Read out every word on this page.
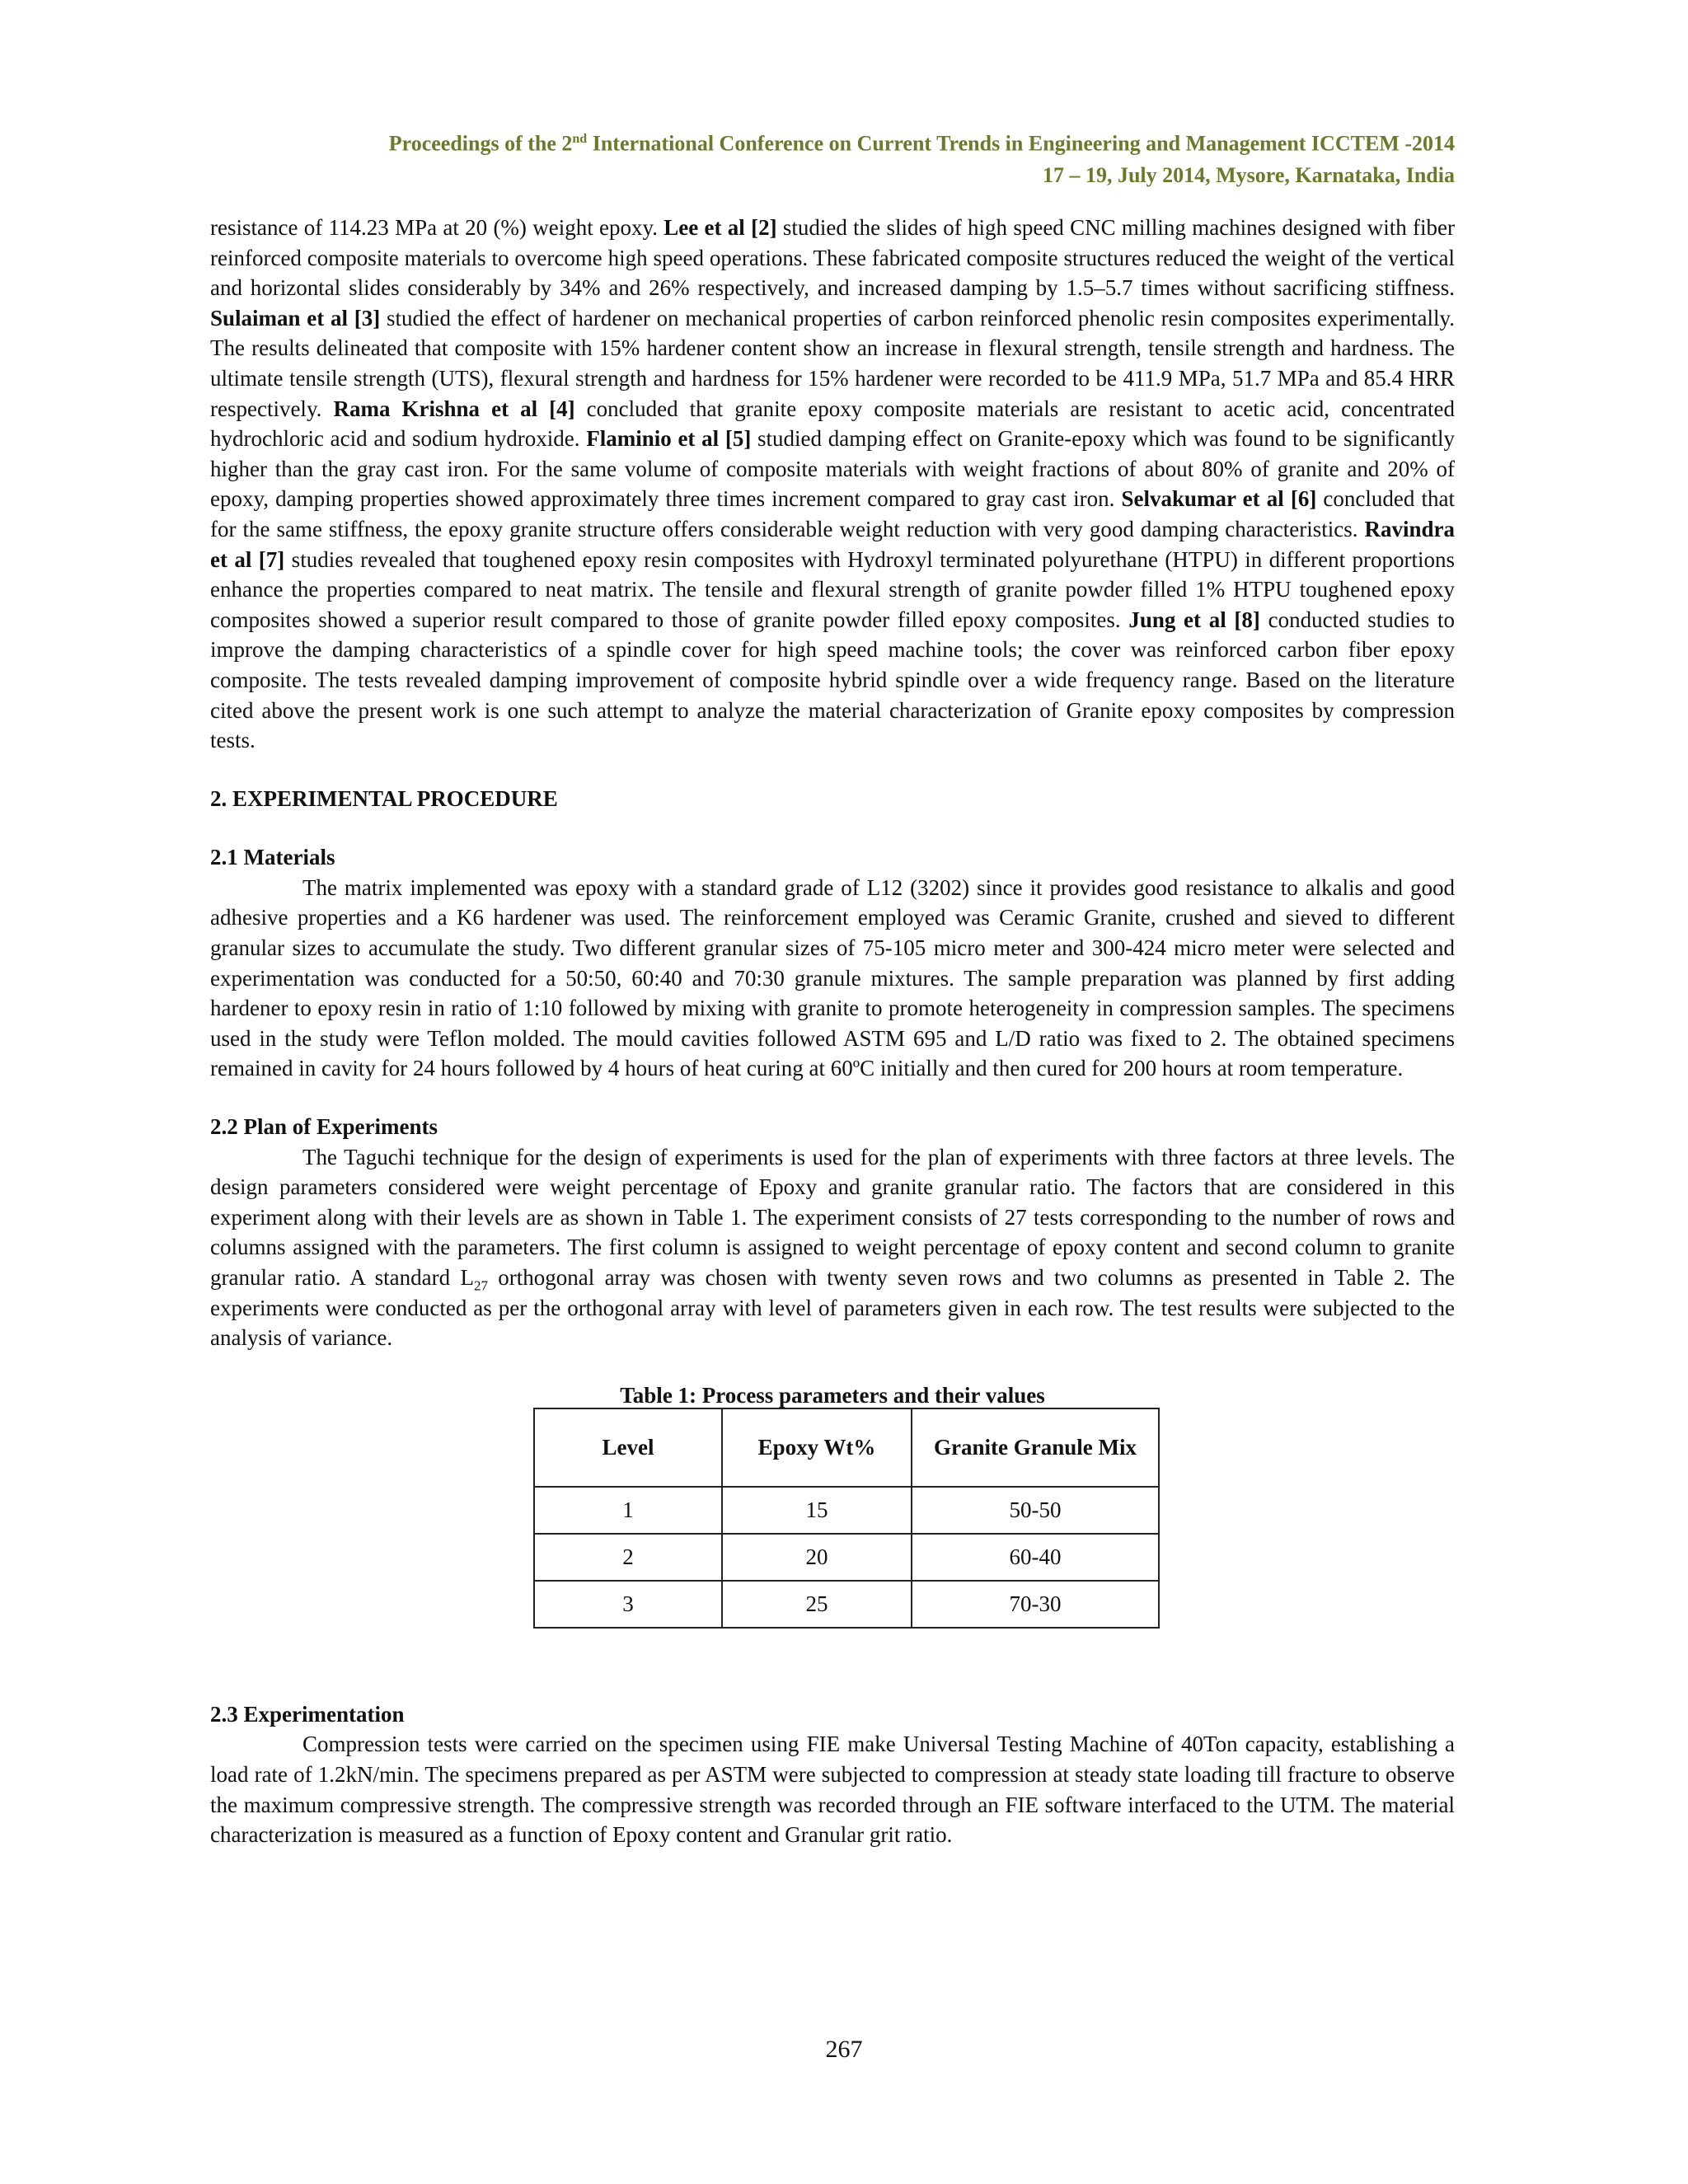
Proceedings of the 2nd International Conference on Current Trends in Engineering and Management ICCTEM -2014
17 – 19, July 2014, Mysore, Karnataka, India

resistance of 114.23 MPa at 20 (%) weight epoxy. Lee et al [2] studied the slides of high speed CNC milling machines designed with fiber reinforced composite materials to overcome high speed operations. These fabricated composite structures reduced the weight of the vertical and horizontal slides considerably by 34% and 26% respectively, and increased damping by 1.5–5.7 times without sacrificing stiffness. Sulaiman et al [3] studied the effect of hardener on mechanical properties of carbon reinforced phenolic resin composites experimentally. The results delineated that composite with 15% hardener content show an increase in flexural strength, tensile strength and hardness. The ultimate tensile strength (UTS), flexural strength and hardness for 15% hardener were recorded to be 411.9 MPa, 51.7 MPa and 85.4 HRR respectively. Rama Krishna et al [4] concluded that granite epoxy composite materials are resistant to acetic acid, concentrated hydrochloric acid and sodium hydroxide. Flaminio et al [5] studied damping effect on Granite-epoxy which was found to be significantly higher than the gray cast iron. For the same volume of composite materials with weight fractions of about 80% of granite and 20% of epoxy, damping properties showed approximately three times increment compared to gray cast iron. Selvakumar et al [6] concluded that for the same stiffness, the epoxy granite structure offers considerable weight reduction with very good damping characteristics. Ravindra et al [7] studies revealed that toughened epoxy resin composites with Hydroxyl terminated polyurethane (HTPU) in different proportions enhance the properties compared to neat matrix. The tensile and flexural strength of granite powder filled 1% HTPU toughened epoxy composites showed a superior result compared to those of granite powder filled epoxy composites. Jung et al [8] conducted studies to improve the damping characteristics of a spindle cover for high speed machine tools; the cover was reinforced carbon fiber epoxy composite. The tests revealed damping improvement of composite hybrid spindle over a wide frequency range. Based on the literature cited above the present work is one such attempt to analyze the material characterization of Granite epoxy composites by compression tests.

2. EXPERIMENTAL PROCEDURE
2.1 Materials

The matrix implemented was epoxy with a standard grade of L12 (3202) since it provides good resistance to alkalis and good adhesive properties and a K6 hardener was used. The reinforcement employed was Ceramic Granite, crushed and sieved to different granular sizes to accumulate the study. Two different granular sizes of 75-105 micro meter and 300-424 micro meter were selected and experimentation was conducted for a 50:50, 60:40 and 70:30 granule mixtures. The sample preparation was planned by first adding hardener to epoxy resin in ratio of 1:10 followed by mixing with granite to promote heterogeneity in compression samples. The specimens used in the study were Teflon molded. The mould cavities followed ASTM 695 and L/D ratio was fixed to 2. The obtained specimens remained in cavity for 24 hours followed by 4 hours of heat curing at 60ºC initially and then cured for 200 hours at room temperature.

2.2 Plan of Experiments

The Taguchi technique for the design of experiments is used for the plan of experiments with three factors at three levels. The design parameters considered were weight percentage of Epoxy and granite granular ratio. The factors that are considered in this experiment along with their levels are as shown in Table 1. The experiment consists of 27 tests corresponding to the number of rows and columns assigned with the parameters. The first column is assigned to weight percentage of epoxy content and second column to granite granular ratio. A standard $L_{27}$ orthogonal array was chosen with twenty seven rows and two columns as presented in Table 2. The experiments were conducted as per the orthogonal array with level of parameters given in each row. The test results were subjected to the analysis of variance.

Table 1: Process parameters and their values
Level	Epoxy Wt%	Granite Granule Mix
1	15	50-50
2	20	60-40
3	25	70-30
2.3 Experimentation

Compression tests were carried on the specimen using FIE make Universal Testing Machine of 40Ton capacity, establishing a load rate of 1.2kN/min. The specimens prepared as per ASTM were subjected to compression at steady state loading till fracture to observe the maximum compressive strength. The compressive strength was recorded through an FIE software interfaced to the UTM. The material characterization is measured as a function of Epoxy content and Granular grit ratio.

267
